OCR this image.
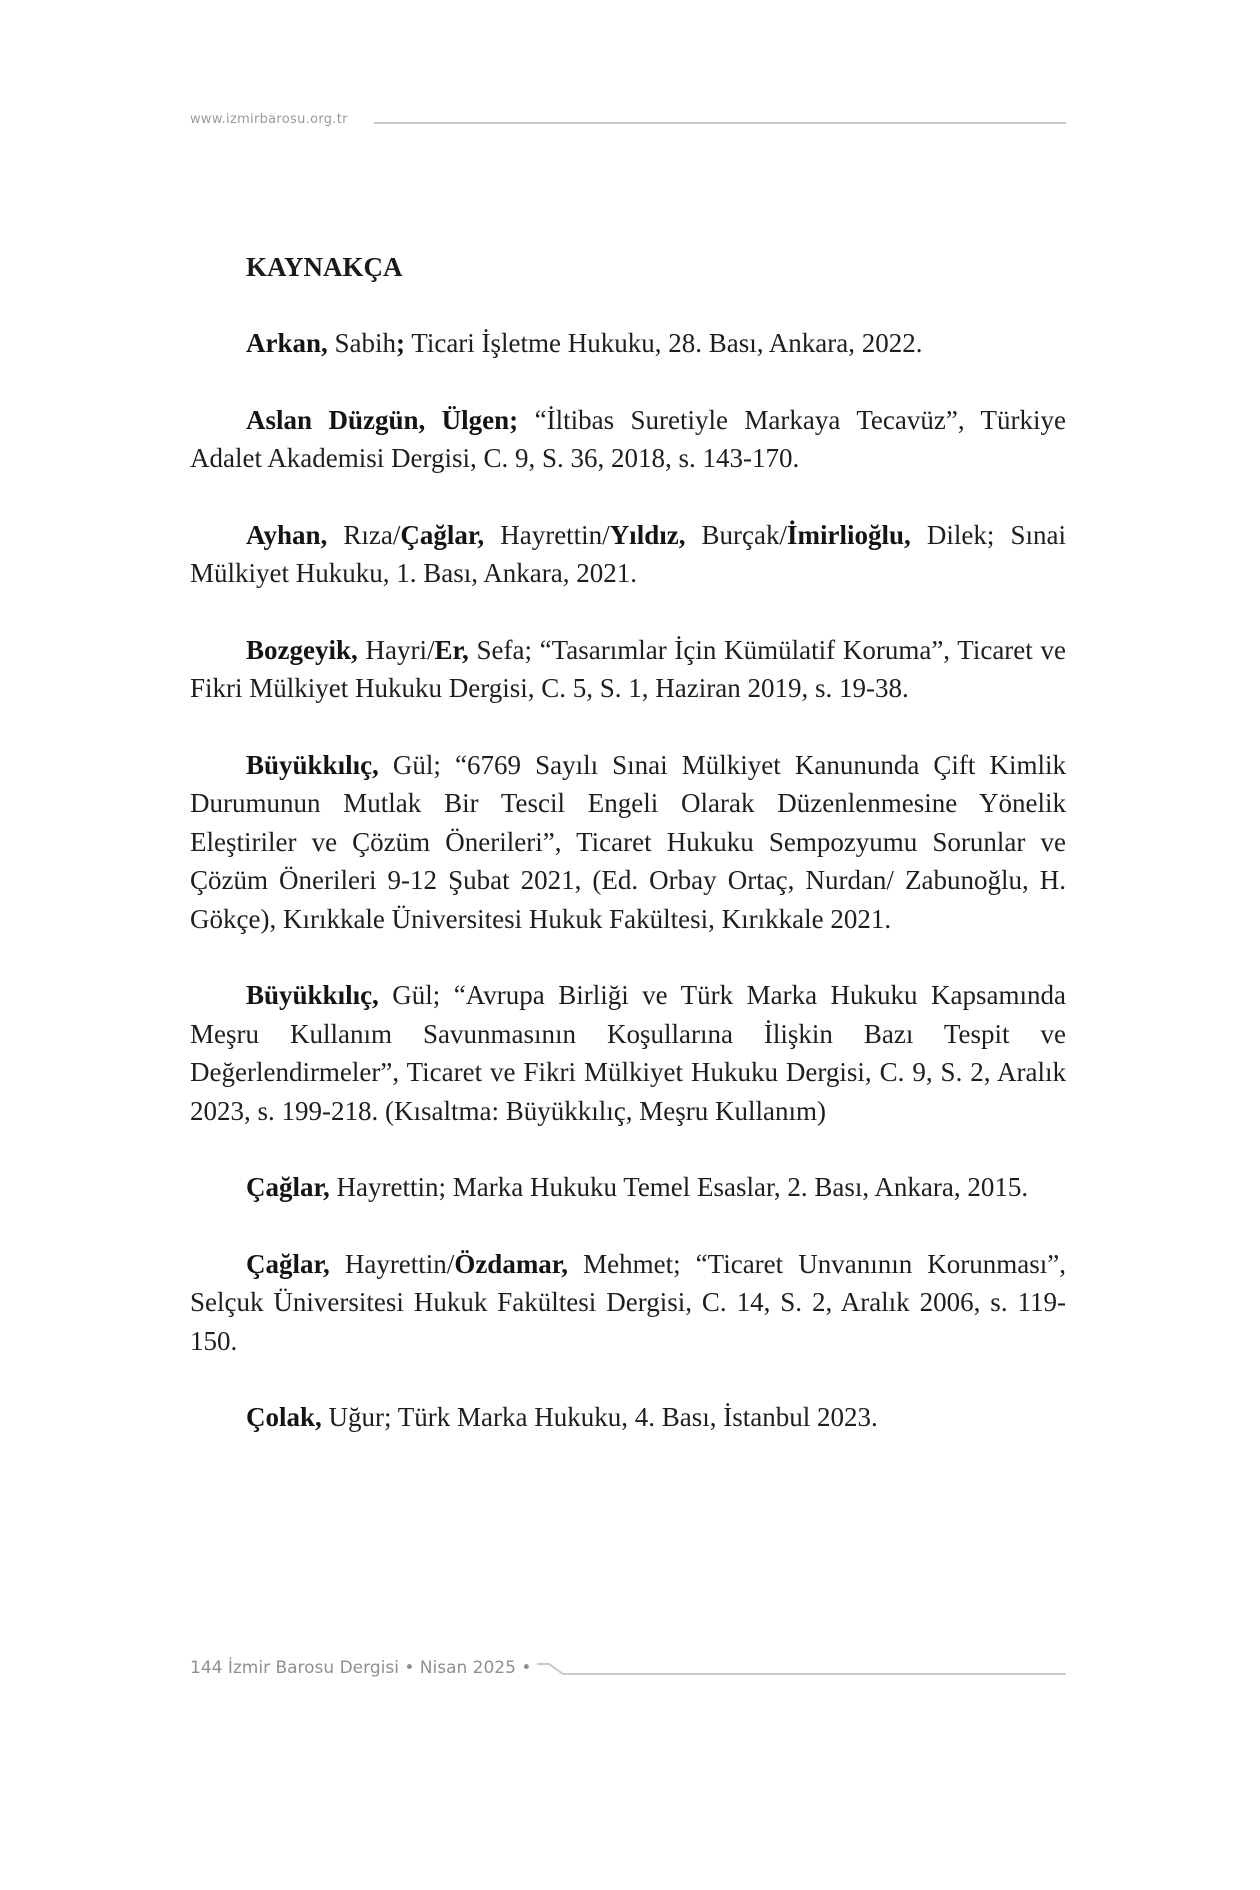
www.izmirbarosu.org.tr
KAYNAKÇA

Arkan, Sabih; Ticari İşletme Hukuku, 28. Bası, Ankara, 2022.

Aslan Düzgün, Ülgen; “İltibas Suretiyle Markaya Tecavüz”, Türkiye Adalet Akademisi Dergisi, C. 9, S. 36, 2018, s. 143-170.

Ayhan, Rıza/Çağlar, Hayrettin/Yıldız, Burçak/İmirlioğlu, Dilek; Sınai Mülkiyet Hukuku, 1. Bası, Ankara, 2021.

Bozgeyik, Hayri/Er, Sefa; “Tasarımlar İçin Kümülatif Koruma”, Ticaret ve Fikri Mülkiyet Hukuku Dergisi, C. 5, S. 1, Haziran 2019, s. 19-38.

Büyükkılıç, Gül; “6769 Sayılı Sınai Mülkiyet Kanununda Çift Kimlik Durumunun Mutlak Bir Tescil Engeli Olarak Düzenlenmesine Yönelik Eleştiriler ve Çözüm Önerileri”, Ticaret Hukuku Sempozyumu Sorunlar ve Çözüm Önerileri 9-12 Şubat 2021, (Ed. Orbay Ortaç, Nurdan/ Zabunoğlu, H. Gökçe), Kırıkkale Üniversitesi Hukuk Fakültesi, Kırıkkale 2021.

Büyükkılıç, Gül; “Avrupa Birliği ve Türk Marka Hukuku Kapsamında Meşru Kullanım Savunmasının Koşullarına İlişkin Bazı Tespit ve Değerlendirmeler”, Ticaret ve Fikri Mülkiyet Hukuku Dergisi, C. 9, S. 2, Aralık 2023, s. 199-218. (Kısaltma: Büyükkılıç, Meşru Kullanım)

Çağlar, Hayrettin; Marka Hukuku Temel Esaslar, 2. Bası, Ankara, 2015.

Çağlar, Hayrettin/Özdamar, Mehmet; “Ticaret Unvanının Korunması”, Selçuk Üniversitesi Hukuk Fakültesi Dergisi, C. 14, S. 2, Aralık 2006, s. 119-150.

Çolak, Uğur; Türk Marka Hukuku, 4. Bası, İstanbul 2023.

144 İzmir Barosu Dergisi • Nisan 2025 •
